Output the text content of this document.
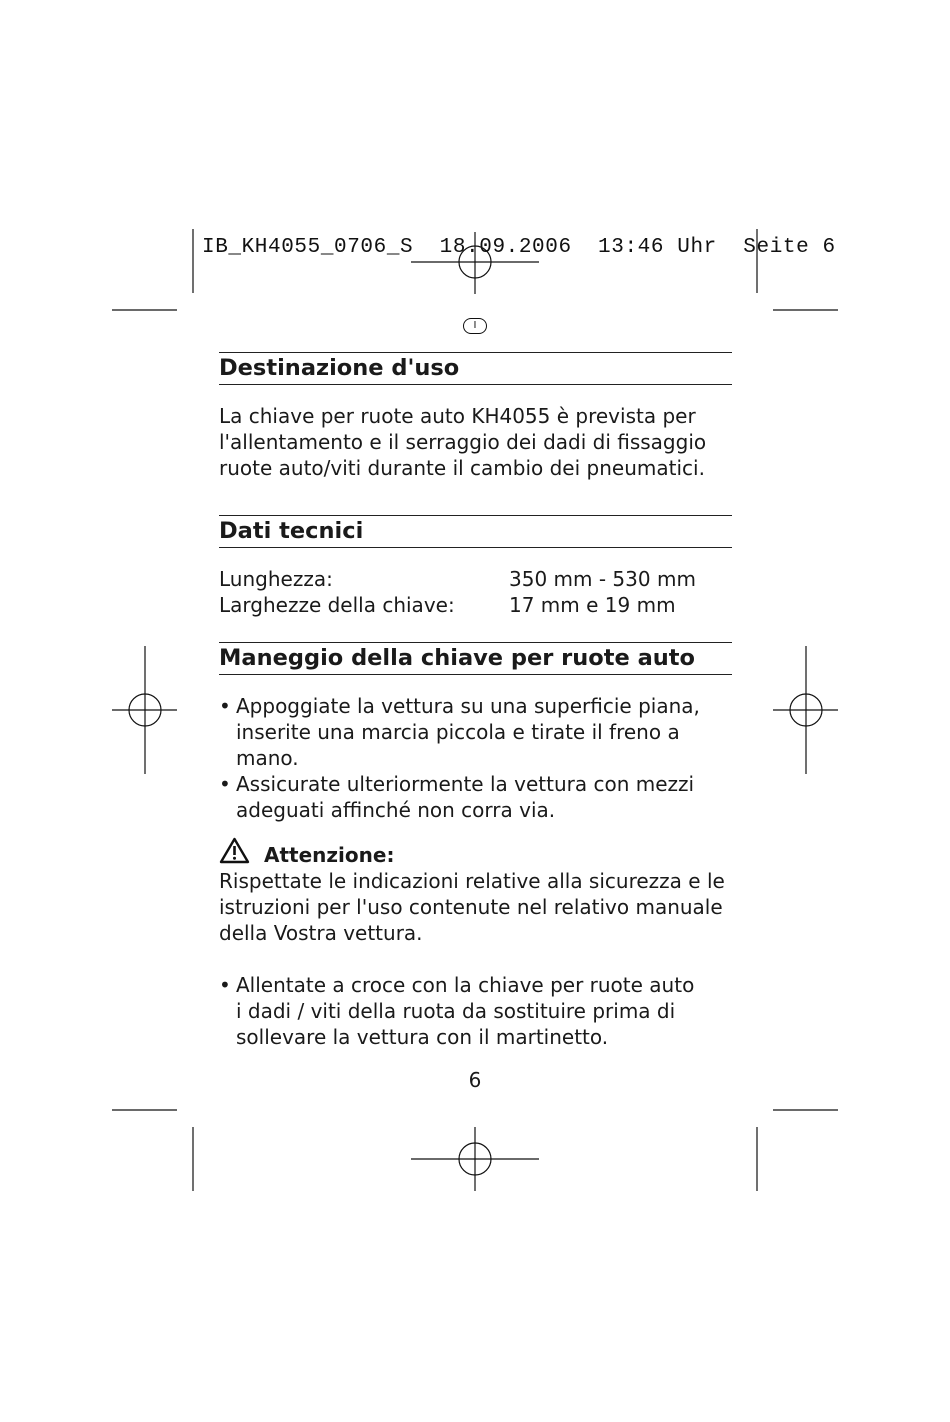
IB_KH4055_0706_S  18.09.2006  13:46 Uhr  Seite 6
I
Destinazione d'uso

La chiave per ruote auto KH4055 è prevista per

l'allentamento e il serraggio dei dadi di fissaggio

ruote auto/viti durante il cambio dei pneumatici.

Dati tecnici
Lunghezza:	350 mm - 530 mm
Larghezze della chiave:	17 mm e 19 mm
Maneggio della chiave per ruote auto
• Appoggiate la vettura su una superficie piana,
inserite una marcia piccola e tirate il freno a
mano.
• Assicurate ulteriormente la vettura con mezzi
adeguati affinché non corra via.
Attenzione:

Rispettate le indicazioni relative alla sicurezza e le

istruzioni per l'uso contenute nel relativo manuale

della Vostra vettura.

• Allentate a croce con la chiave per ruote auto
i dadi / viti della ruota da sostituire prima di
sollevare la vettura con il martinetto.
6
